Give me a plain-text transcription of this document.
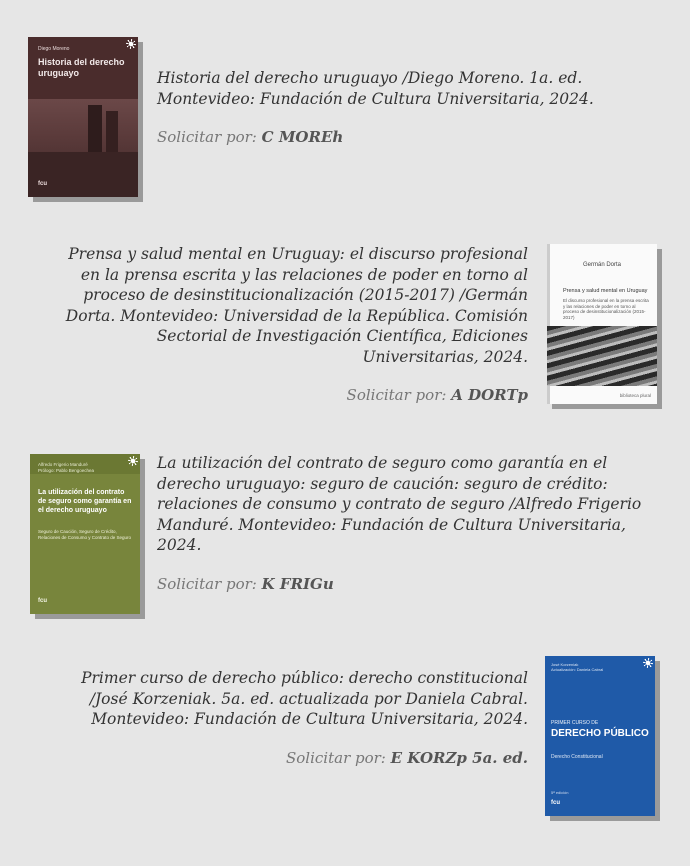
Diego Moreno
Historia del derecho uruguayo
fcu
Historia del derecho uruguayo /Diego Moreno. 1a. ed. Montevideo: Fundación de Cultura Universitaria, 2024.
Solicitar por: C MOREh
Prensa y salud mental en Uruguay: el discurso profesional en la prensa escrita y las relaciones de poder en torno al proceso de desinstitucionalización (2015-2017) /Germán Dorta. Montevideo: Universidad de la República. Comisión Sectorial de Investigación Científica, Ediciones Universitarias, 2024.
Solicitar por: A DORTp
Germán Dorta
Prensa y salud mental en Uruguay
El discurso profesional en la prensa escrita y las relaciones de poder en torno al proceso de desinstitucionalización (2015-2017)
biblioteca plural
Alfredo Frigerio Manduré
Prólogo: Pablo Bengoechea
La utilización del contrato de seguro como garantía en el derecho uruguayo
Seguro de Caución, Seguro de Crédito, Relaciones de Consumo y Contrato de Seguro
fcu
La utilización del contrato de seguro como garantía en el derecho uruguayo: seguro de caución: seguro de crédito: relaciones de consumo y contrato de seguro /Alfredo Frigerio Manduré. Montevideo: Fundación de Cultura Universitaria, 2024.
Solicitar por: K FRIGu
Primer curso de derecho público: derecho constitucional /José Korzeniak. 5a. ed. actualizada por Daniela Cabral. Montevideo: Fundación de Cultura Universitaria, 2024.
Solicitar por: E KORZp 5a. ed.
José Korzeniak
Actualización: Daniela Cabral
PRIMER CURSO DE
DERECHO PÚBLICO
Derecho Constitucional
5ª edición
fcu
